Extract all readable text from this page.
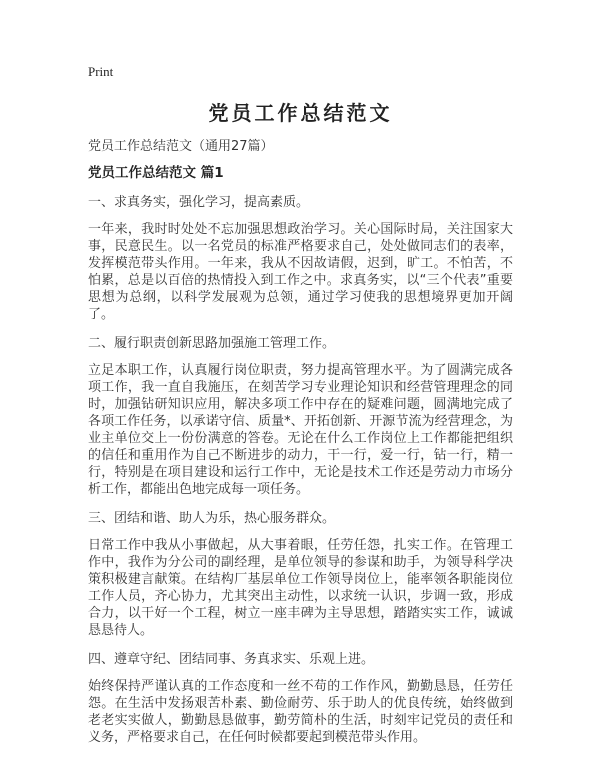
Print
党员工作总结范文

党员工作总结范文（通用27篇）

党员工作总结范文 篇1

一、求真务实，强化学习，提高素质。

一年来，我时时处处不忘加强思想政治学习。关心国际时局，关注国家大事，民意民生。以一名党员的标准严格要求自己，处处做同志们的表率，发挥模范带头作用。一年来，我从不因故请假，迟到，旷工。不怕苦，不怕累，总是以百倍的热情投入到工作之中。求真务实，以“三个代表”重要思想为总纲，以科学发展观为总领，通过学习使我的思想境界更加开阔了。

二、履行职责创新思路加强施工管理工作。

立足本职工作，认真履行岗位职责，努力提高管理水平。为了圆满完成各项工作，我一直自我施压，在刻苦学习专业理论知识和经营管理理念的同时，加强钻研知识应用，解决多项工作中存在的疑难问题，圆满地完成了各项工作任务，以承诺守信、质量*、开拓创新、开源节流为经营理念，为业主单位交上一份份满意的答卷。无论在什么工作岗位上工作都能把组织的信任和重用作为自己不断进步的动力，干一行，爱一行，钻一行，精一行，特别是在项目建设和运行工作中，无论是技术工作还是劳动力市场分析工作，都能出色地完成每一项任务。

三、团结和谐、助人为乐，热心服务群众。

日常工作中我从小事做起，从大事着眼，任劳任怨，扎实工作。在管理工作中，我作为分公司的副经理，是单位领导的参谋和助手，为领导科学决策积极建言献策。在结构厂基层单位工作领导岗位上，能率领各职能岗位工作人员，齐心协力，尤其突出主动性，以求统一认识，步调一致，形成合力，以干好一个工程，树立一座丰碑为主导思想，踏踏实实工作，诚诚恳恳待人。

四、遵章守纪、团结同事、务真求实、乐观上进。

始终保持严谨认真的工作态度和一丝不苟的工作作风，勤勤恳恳，任劳任怨。在生活中发扬艰苦朴素、勤俭耐劳、乐于助人的优良传统，始终做到老老实实做人，勤勤恳恳做事，勤劳简朴的生活，时刻牢记党员的责任和义务，严格要求自己，在任何时候都要起到模范带头作用。
